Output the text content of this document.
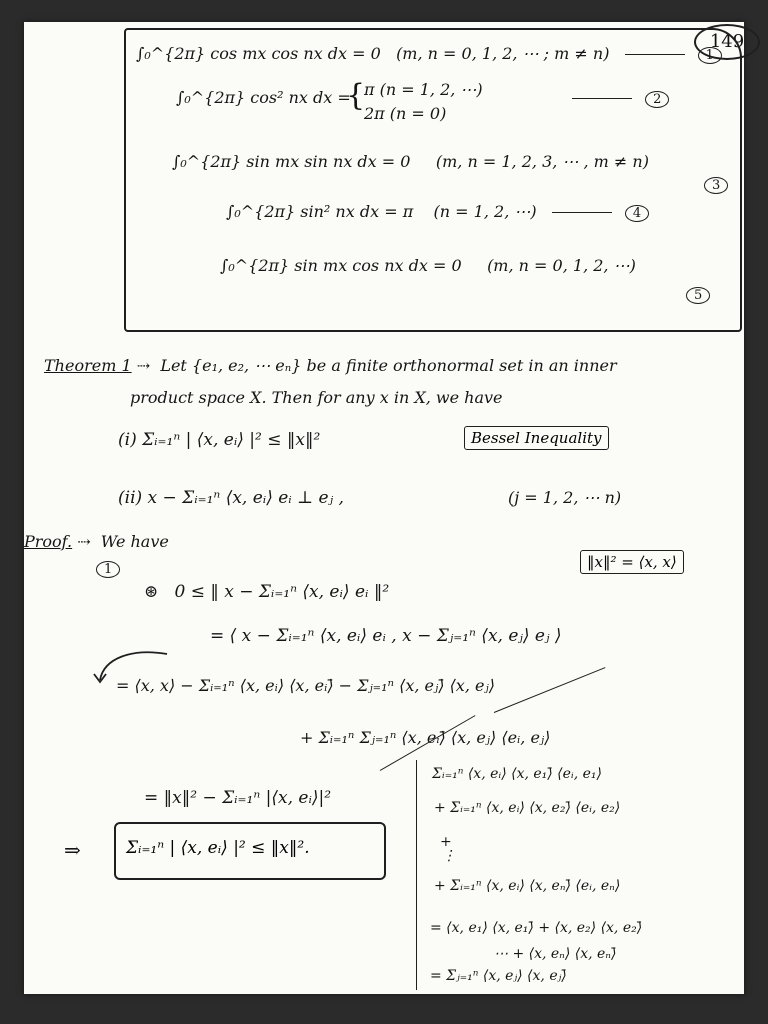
149
∫₀^{2π} cos mx cos nx dx = 0 (m, n = 0, 1, 2, ⋯ ; m ≠ n)	1
∫₀^{2π} cos² nx dx =
{
π (n = 1, 2, ⋯)
2π (n = 0)
2
∫₀^{2π} sin mx sin nx dx = 0 (m, n = 1, 2, 3, ⋯ , m ≠ n)
3
∫₀^{2π} sin² nx dx = π (n = 1, 2, ⋯)	4
∫₀^{2π} sin mx cos nx dx = 0 (m, n = 0, 1, 2, ⋯)
5
Theorem 1 ⇢ Let {e₁, e₂, ⋯ eₙ} be a finite orthonormal set in an inner
product space X. Then for any x in X, we have
(i) Σᵢ₌₁ⁿ | ⟨x, eᵢ⟩ |² ≤ ‖x‖²	Bessel Inequality
(ii) x − Σᵢ₌₁ⁿ ⟨x, eᵢ⟩ eᵢ ⊥ eⱼ ,	(j = 1, 2, ⋯ n)
Proof. ⇢ We have
1	‖x‖² = ⟨x, x⟩
⊛ 0 ≤ ‖ x − Σᵢ₌₁ⁿ ⟨x, eᵢ⟩ eᵢ ‖²
= ⟨ x − Σᵢ₌₁ⁿ ⟨x, eᵢ⟩ eᵢ , x − Σⱼ₌₁ⁿ ⟨x, eⱼ⟩ eⱼ ⟩
= ⟨x, x⟩ − Σᵢ₌₁ⁿ ⟨x, eᵢ⟩ ⟨x, eᵢ⟩̄ − Σⱼ₌₁ⁿ ⟨x, eⱼ⟩̄ ⟨x, eⱼ⟩
+ Σᵢ₌₁ⁿ Σⱼ₌₁ⁿ ⟨x, eᵢ⟩̄ ⟨x, eⱼ⟩ ⟨eᵢ, eⱼ⟩
= ‖x‖² − Σᵢ₌₁ⁿ |⟨x, eᵢ⟩|²
⇒	Σᵢ₌₁ⁿ | ⟨x, eᵢ⟩ |² ≤ ‖x‖².
Σᵢ₌₁ⁿ ⟨x, eᵢ⟩ ⟨x, e₁⟩̄ ⟨eᵢ, e₁⟩
+ Σᵢ₌₁ⁿ ⟨x, eᵢ⟩ ⟨x, e₂⟩̄ ⟨eᵢ, e₂⟩
+
⋮
+ Σᵢ₌₁ⁿ ⟨x, eᵢ⟩ ⟨x, eₙ⟩̄ ⟨eᵢ, eₙ⟩
= ⟨x, e₁⟩ ⟨x, e₁⟩̄ + ⟨x, e₂⟩ ⟨x, e₂⟩̄
⋯ + ⟨x, eₙ⟩ ⟨x, eₙ⟩̄
= Σⱼ₌₁ⁿ ⟨x, eⱼ⟩ ⟨x, eⱼ⟩̄
